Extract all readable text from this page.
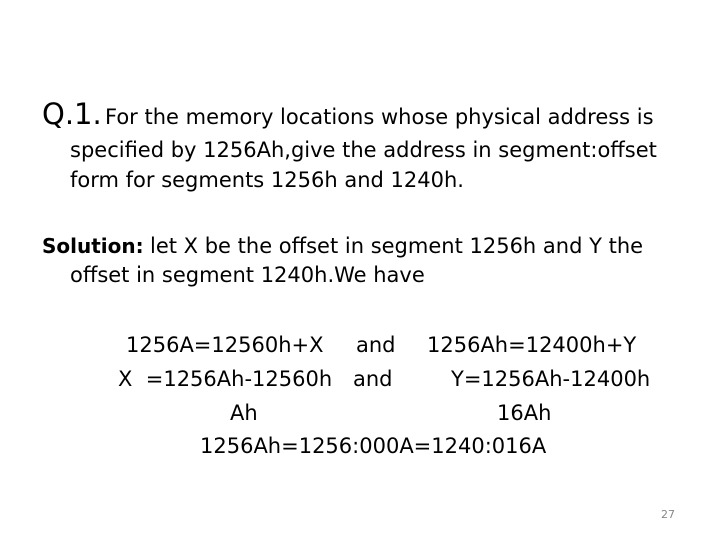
Q.1. For the memory locations whose physical address is
specified by 1256Ah,give the address in segment:offset
form for segments 1256h and 1240h.
Solution: let X be the offset in segment 1256h and Y the
offset in segment 1240h.We have
1256A=12560h+X and 1256Ah=12400h+Y
X  =1256Ah-12560h and	Y=1256Ah-12400h
Ah	16Ah
1256Ah=1256:000A=1240:016A
27
